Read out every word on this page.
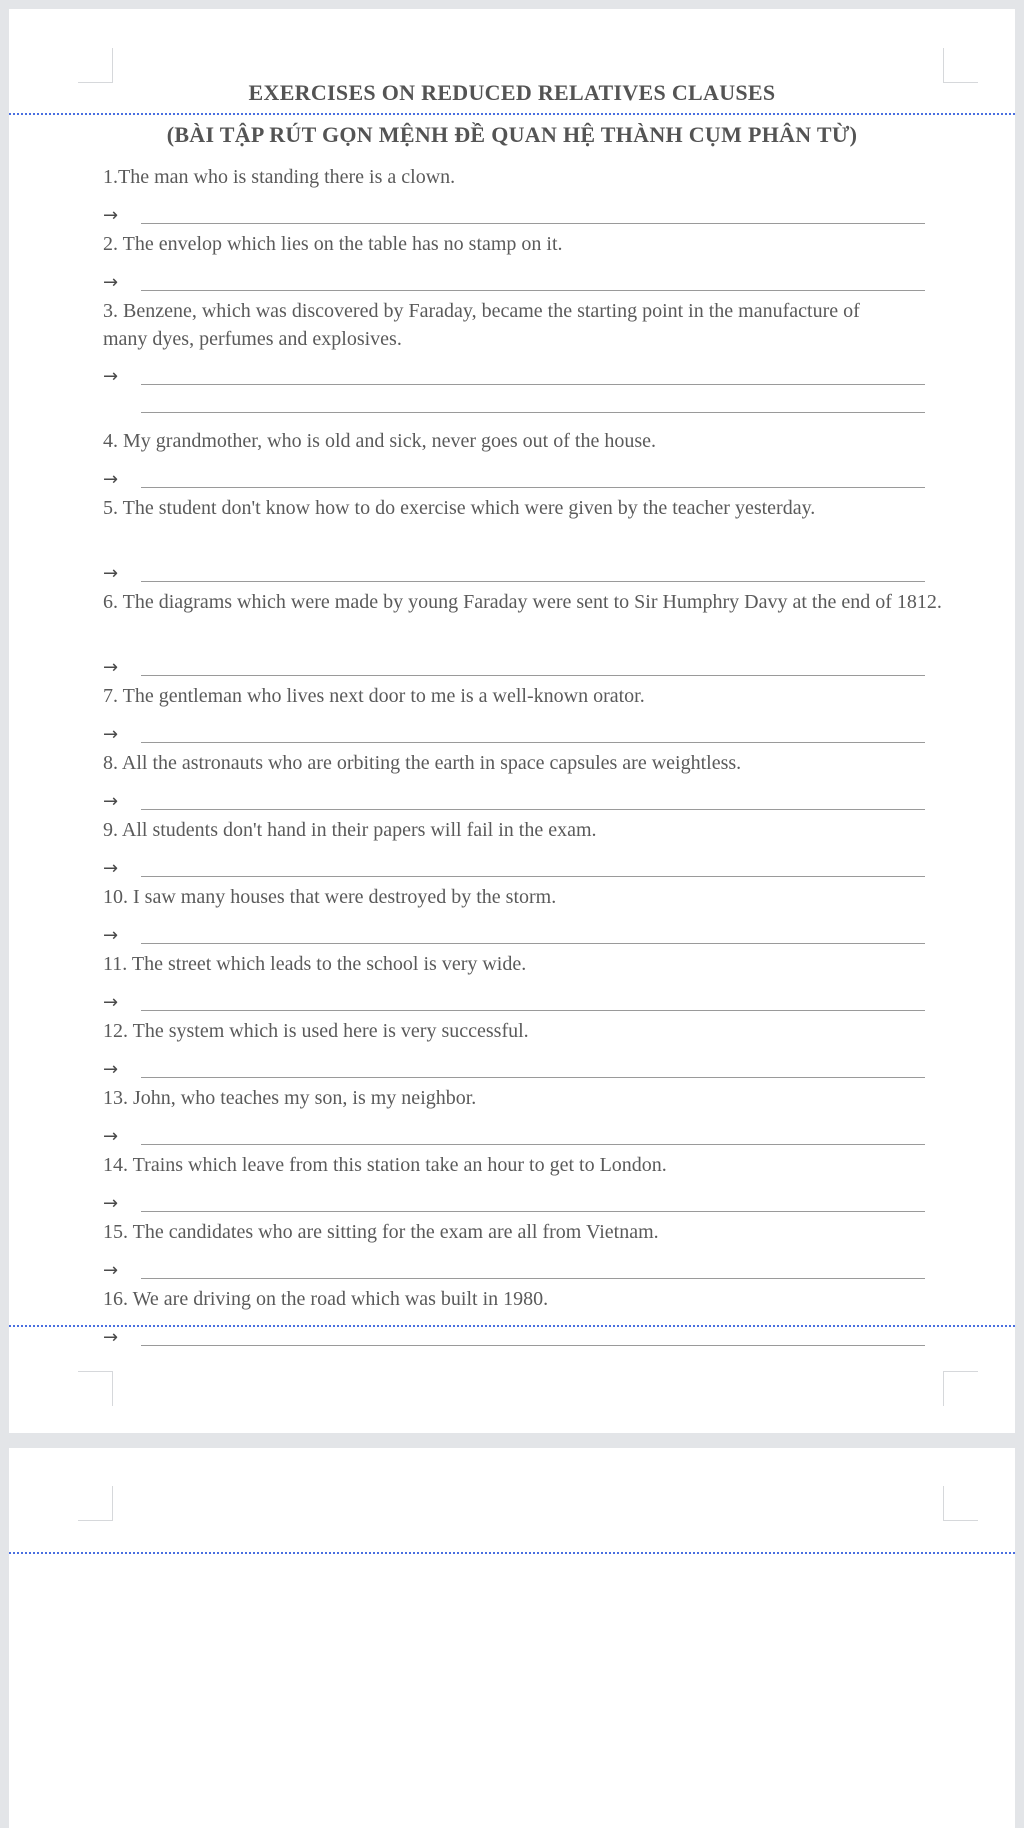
EXERCISES ON REDUCED RELATIVES CLAUSES
(BÀI TẬP RÚT GỌN MỆNH ĐỀ QUAN HỆ THÀNH CỤM PHÂN TỪ)
1.The man who is standing there is a clown.
→
2. The envelop which lies on the table has no stamp on it.
→
3. Benzene, which was discovered by Faraday, became the starting point in the manufacture of many dyes, perfumes and explosives.
→
4. My grandmother, who is old and sick, never goes out of the house.
→
5. The student don't know how to do exercise which were given by the teacher yesterday.
→
6. The diagrams which were made by young Faraday were sent to Sir Humphry Davy at the end of 1812.
→
7. The gentleman who lives next door to me is a well-known orator.
→
8. All the astronauts who are orbiting the earth in space capsules are weightless.
→
9. All students don't hand in their papers will fail in the exam.
→
10. I saw many houses that were destroyed by the storm.
→
11. The street which leads to the school is very wide.
→
12. The system which is used here is very successful.
→
13. John, who teaches my son, is my neighbor.
→
14. Trains which leave from this station take an hour to get to London.
→
15. The candidates who are sitting for the exam are all from Vietnam.
→
16. We are driving on the road which was built in 1980.
→
